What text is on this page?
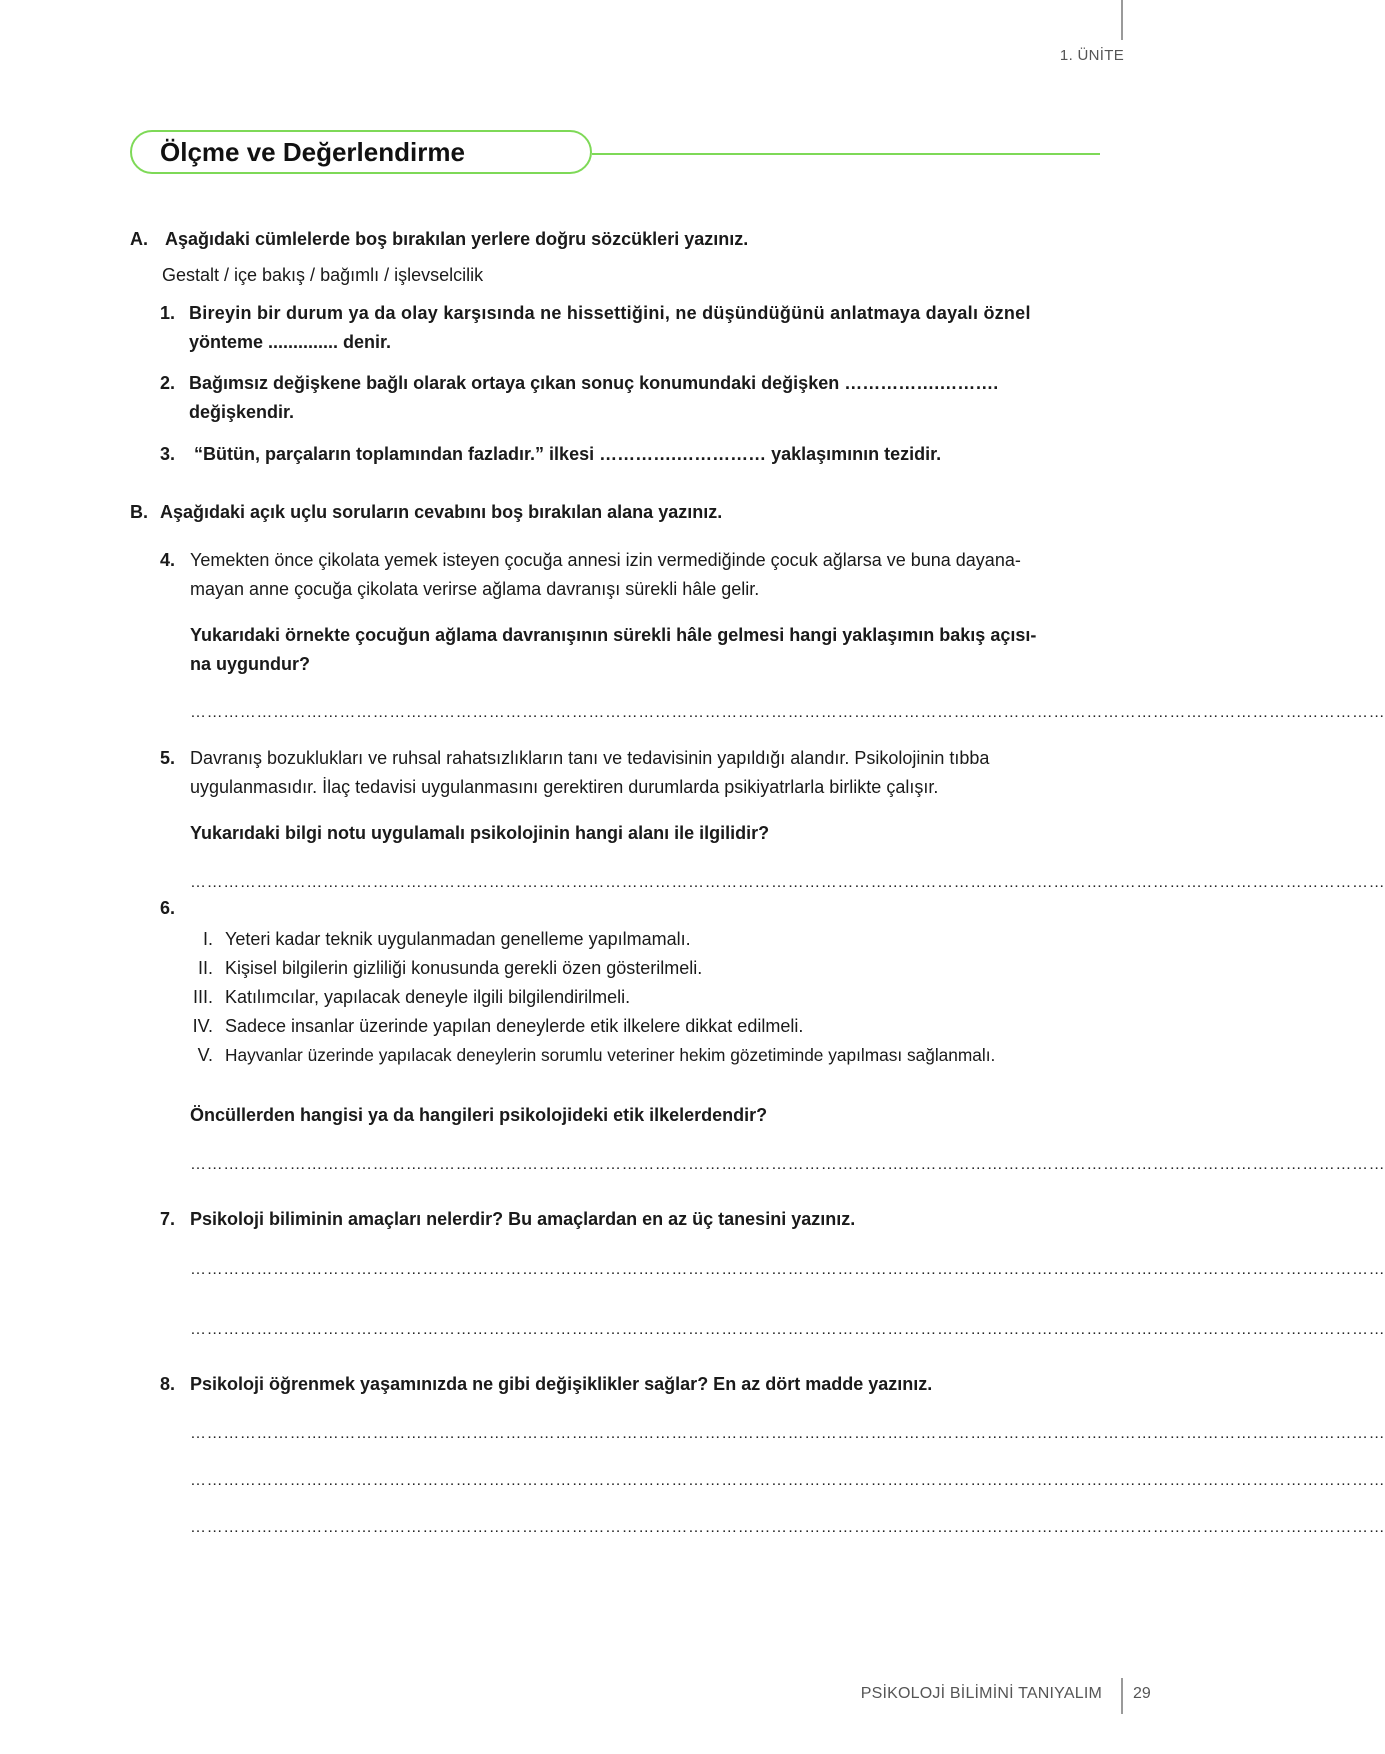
1. ÜNİTE
Ölçme ve Değerlendirme
A. Aşağıdaki cümlelerde boş bırakılan yerlere doğru sözcükleri yazınız.
Gestalt / içe bakış / bağımlı / işlevselcilik
1. Bireyin bir durum ya da olay karşısında ne hissettiğini, ne düşündüğünü anlatmaya dayalı öznel
yönteme .............. denir.
2. Bağımsız değişkene bağlı olarak ortaya çıkan sonuç konumundaki değişken …………….……….
değişkendir.
3. “Bütün, parçaların toplamından fazladır.” ilkesi ………….…………… yaklaşımının tezidir.
B. Aşağıdaki açık uçlu soruların cevabını boş bırakılan alana yazınız.
4. Yemekten önce çikolata yemek isteyen çocuğa annesi izin vermediğinde çocuk ağlarsa ve buna dayana-
mayan anne çocuğa çikolata verirse ağlama davranışı sürekli hâle gelir.
Yukarıdaki örnekte çocuğun ağlama davranışının sürekli hâle gelmesi hangi yaklaşımın bakış açısı-
na uygundur?
………………………………………………………………………………………………………………………………………………………………………………………………
5. Davranış bozuklukları ve ruhsal rahatsızlıkların tanı ve tedavisinin yapıldığı alandır. Psikolojinin tıbba
uygulanmasıdır. İlaç tedavisi uygulanmasını gerektiren durumlarda psikiyatrlarla birlikte çalışır.
Yukarıdaki bilgi notu uygulamalı psikolojinin hangi alanı ile ilgilidir?
………………………………………………………………………………………………………………………………………………………………………………………………
6.
I. Yeteri kadar teknik uygulanmadan genelleme yapılmamalı.
II. Kişisel bilgilerin gizliliği konusunda gerekli özen gösterilmeli.
III. Katılımcılar, yapılacak deneyle ilgili bilgilendirilmeli.
IV. Sadece insanlar üzerinde yapılan deneylerde etik ilkelere dikkat edilmeli.
V. Hayvanlar üzerinde yapılacak deneylerin sorumlu veteriner hekim gözetiminde yapılması sağlanmalı.
Öncüllerden hangisi ya da hangileri psikolojideki etik ilkelerdendir?
………………………………………………………………………………………………………………………………………………………………………………………………
7. Psikoloji biliminin amaçları nelerdir? Bu amaçlardan en az üç tanesini yazınız.
………………………………………………………………………………………………………………………………………………………………………………………………
………………………………………………………………………………………………………………………………………………………………………………………………
8. Psikoloji öğrenmek yaşamınızda ne gibi değişiklikler sağlar? En az dört madde yazınız.
………………………………………………………………………………………………………………………………………………………………………………………………
………………………………………………………………………………………………………………………………………………………………………………………………
………………………………………………………………………………………………………………………………………………………………………………………………
PSİKOLOJİ BİLİMİNİ TANIYALIM 29
